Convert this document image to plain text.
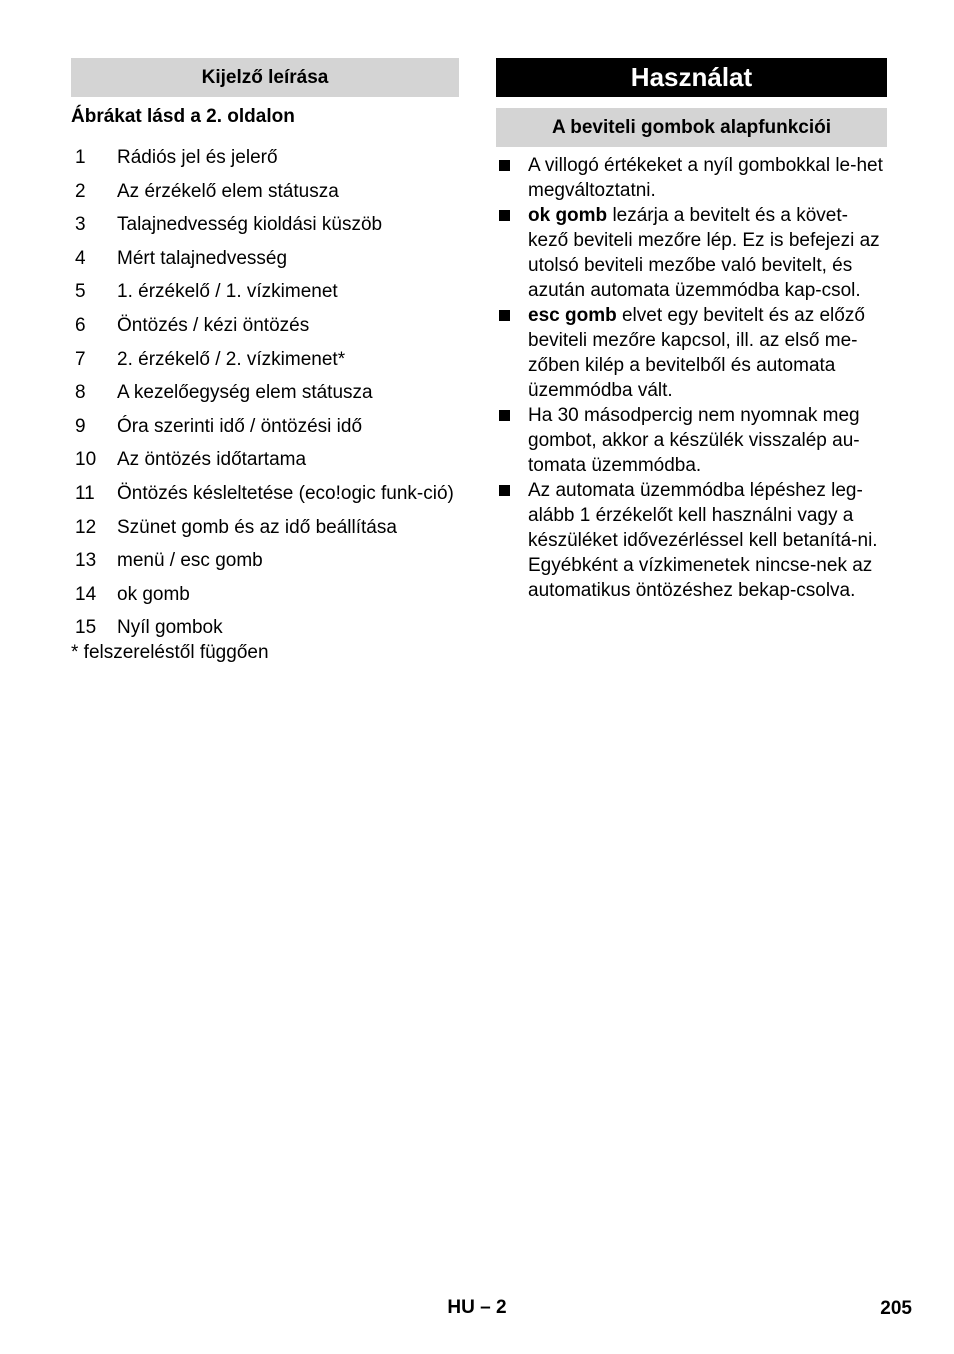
Kijelző leírása
Ábrákat lásd a 2. oldalon
1	Rádiós jel és jelerő
2	Az érzékelő elem státusza
3	Talajnedvesség kioldási küszöb
4	Mért talajnedvesség
5	1. érzékelő / 1. vízkimenet
6	Öntözés / kézi öntözés
7	2. érzékelő / 2. vízkimenet*
8	A kezelőegység elem státusza
9	Óra szerinti idő / öntözési idő
10	Az öntözés időtartama
11	Öntözés késleltetése (eco!ogic funk-ció)
12	Szünet gomb és az idő beállítása
13	menü / esc gomb
14	ok gomb
15	Nyíl gombok
* felszereléstől függően
Használat
A beviteli gombok alapfunkciói
A villogó értékeket a nyíl gombokkal le-het megváltoztatni.
ok gomb lezárja a bevitelt és a követ-kező beviteli mezőre lép. Ez is befejezi az utolsó beviteli mezőbe való bevitelt, és azután automata üzemmódba kap-csol.
esc gomb elvet egy bevitelt és az előző beviteli mezőre kapcsol, ill. az első me-zőben kilép a bevitelből és automata üzemmódba vált.
Ha 30 másodpercig nem nyomnak meg gombot, akkor a készülék visszalép au-tomata üzemmódba.
Az automata üzemmódba lépéshez leg-alább 1 érzékelőt kell használni vagy a készüléket idővezérléssel kell betanítá-ni. Egyébként a vízkimenetek nincse-nek az automatikus öntözéshez bekap-csolva.
HU – 2	205
